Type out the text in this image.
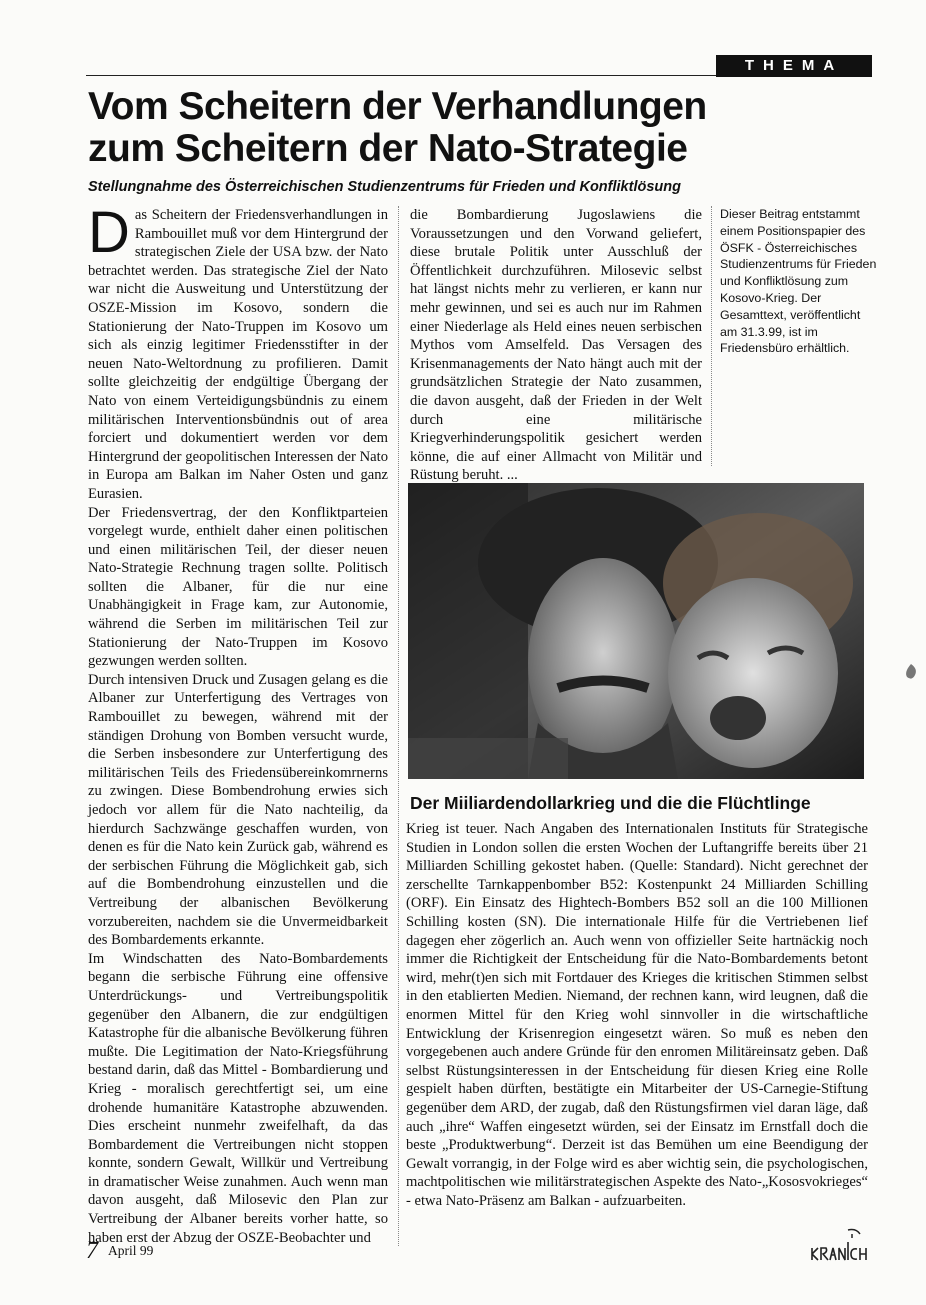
THEMA
Vom Scheitern der Verhandlungen
zum Scheitern der Nato-Strategie
Stellungnahme des Österreichischen Studienzentrums für Frieden und Konfliktlösung

Das Scheitern der Friedensverhandlungen in Rambouillet muß vor dem Hintergrund der strategischen Ziele der USA bzw. der Nato betrachtet werden. Das strategische Ziel der Nato war nicht die Ausweitung und Unterstützung der OSZE-Mission im Kosovo, sondern die Stationierung der Nato-Truppen im Kosovo um sich als einzig legitimer Friedensstifter in der neuen Nato-Weltordnung zu profilieren. Damit sollte gleichzeitig der endgültige Übergang der Nato von einem Verteidigungsbündnis zu einem militärischen Interventionsbündnis out of area forciert und dokumentiert werden vor dem Hintergrund der geopolitischen Interessen der Nato in Europa am Balkan im Naher Osten und ganz Eurasien.

Der Friedensvertrag, der den Konfliktparteien vorgelegt wurde, enthielt daher einen politischen und einen militärischen Teil, der dieser neuen Nato-Strategie Rechnung tragen sollte. Politisch sollten die Albaner, für die nur eine Unabhängigkeit in Frage kam, zur Autonomie, während die Serben im militärischen Teil zur Stationierung der Nato-Truppen im Kosovo gezwungen werden sollten.

Durch intensiven Druck und Zusagen gelang es die Albaner zur Unterfertigung des Vertrages von Rambouillet zu bewegen, während mit der ständigen Drohung von Bomben versucht wurde, die Serben insbesondere zur Unterfertigung des militärischen Teils des Friedensübereinkomrnerns zu zwingen. Diese Bombendrohung erwies sich jedoch vor allem für die Nato nachteilig, da hierdurch Sachzwänge geschaffen wurden, von denen es für die Nato kein Zurück gab, während es der serbischen Führung die Möglichkeit gab, sich auf die Bombendrohung einzustellen und die Vertreibung der albanischen Bevölkerung vorzubereiten, nachdem sie die Unvermeidbarkeit des Bombardements erkannte.

Im Windschatten des Nato-Bombardements begann die serbische Führung eine offensive Unterdrückungs- und Vertreibungspolitik gegenüber den Albanern, die zur endgültigen Katastrophe für die albanische Bevölkerung führen mußte. Die Legitimation der Nato-Kriegsführung bestand darin, daß das Mittel - Bombardierung und Krieg - moralisch gerechtfertigt sei, um eine drohende humanitäre Katastrophe abzuwenden. Dies erscheint nunmehr zweifelhaft, da das Bombardement die Vertreibungen nicht stoppen konnte, sondern Gewalt, Willkür und Vertreibung in dramatischer Weise zunahmen. Auch wenn man davon ausgeht, daß Milosevic den Plan zur Vertreibung der Albaner bereits vorher hatte, so haben erst der Abzug der OSZE-Beobachter und

die Bombardierung Jugoslawiens die Voraussetzungen und den Vorwand geliefert, diese brutale Politik unter Ausschluß der Öffentlichkeit durchzuführen. Milosevic selbst hat längst nichts mehr zu verlieren, er kann nur mehr gewinnen, und sei es auch nur im Rahmen einer Niederlage als Held eines neuen serbischen Mythos vom Amselfeld. Das Versagen des Krisenmanagements der Nato hängt auch mit der grundsätzlichen Strategie der Nato zusammen, die davon ausgeht, daß der Frieden in der Welt durch eine militärische Kriegverhinderungspolitik gesichert werden könne, die auf einer Allmacht von Militär und Rüstung beruht. ...

Dieser Beitrag entstammt einem Positionspapier des ÖSFK - Österreichisches Studienzentrums für Frieden und Konfliktlösung zum Kosovo-Krieg. Der Gesamttext, veröffentlicht am 31.3.99, ist im Friedensbüro erhältlich.
Der Miiliardendollarkrieg und die die Flüchtlinge

Krieg ist teuer. Nach Angaben des Internationalen Instituts für Strategische Studien in London sollen die ersten Wochen der Luftangriffe bereits über 21 Milliarden Schilling gekostet haben. (Quelle: Standard). Nicht gerechnet der zerschellte Tarnkappenbomber B52: Kostenpunkt 24 Milliarden Schilling (ORF). Ein Einsatz des Hightech-Bombers B52 soll an die 100 Millionen Schilling kosten (SN). Die internationale Hilfe für die Vertriebenen lief dagegen eher zögerlich an. Auch wenn von offizieller Seite hartnäckig noch immer die Richtigkeit der Entscheidung für die Nato-Bombardements betont wird, mehr(t)en sich mit Fortdauer des Krieges die kritischen Stimmen selbst in den etablierten Medien. Niemand, der rechnen kann, wird leugnen, daß die enormen Mittel für den Krieg wohl sinnvoller in die wirtschaftliche Entwicklung der Krisenregion eingesetzt wären. So muß es neben den vorgegebenen auch andere Gründe für den enromen Militäreinsatz geben. Daß selbst Rüstungsinteressen in der Entscheidung für diesen Krieg eine Rolle gespielt haben dürften, bestätigte ein Mitarbeiter der US-Carnegie-Stiftung gegenüber dem ARD, der zugab, daß den Rüstungsfirmen viel daran läge, daß auch „ihre“ Waffen eingesetzt würden, sei der Einsatz im Ernstfall doch die beste „Produktwerbung“. Derzeit ist das Bemühen um eine Beendigung der Gewalt vorrangig, in der Folge wird es aber wichtig sein, die psychologischen, machtpolitischen wie militärstrategischen Aspekte des Nato-„Kososvokrieges“ - etwa Nato-Präsenz am Balkan - aufzuarbeiten.

7 April 99
